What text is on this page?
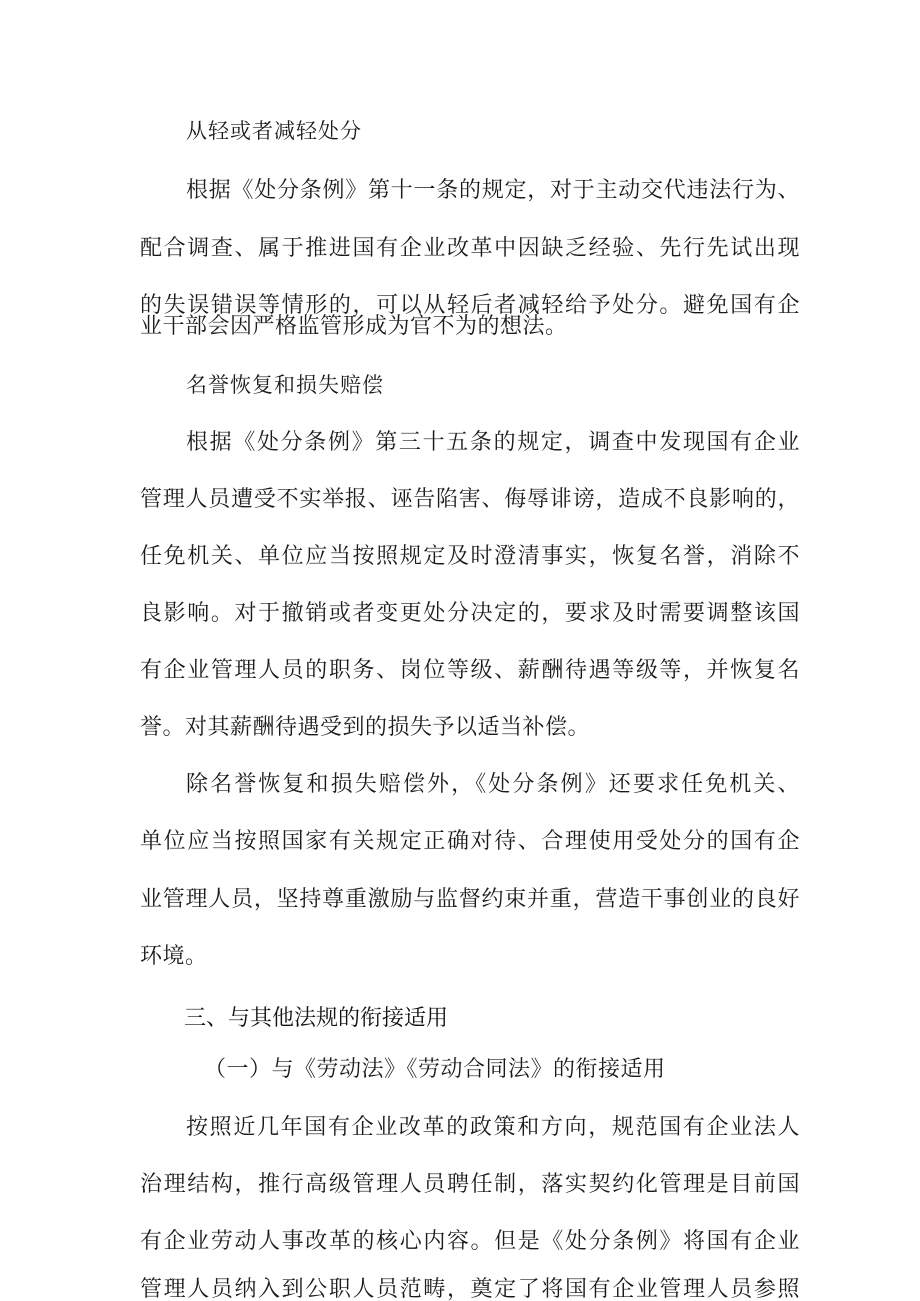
从轻或者减轻处分
根据《处分条例》第十一条的规定，对于主动交代违法行为、
配合调查、属于推进国有企业改革中因缺乏经验、先行先试出现
的失误错误等情形的，可以从轻后者减轻给予处分。避免国有企
业干部会因严格监管形成为官不为的想法。
名誉恢复和损失赔偿
根据《处分条例》第三十五条的规定，调查中发现国有企业
管理人员遭受不实举报、诬告陷害、侮辱诽谤，造成不良影响的，
任免机关、单位应当按照规定及时澄清事实，恢复名誉，消除不
良影响。对于撤销或者变更处分决定的，要求及时需要调整该国
有企业管理人员的职务、岗位等级、薪酬待遇等级等，并恢复名
誉。对其薪酬待遇受到的损失予以适当补偿。
除名誉恢复和损失赔偿外，《处分条例》还要求任免机关、
单位应当按照国家有关规定正确对待、合理使用受处分的国有企
业管理人员，坚持尊重激励与监督约束并重，营造干事创业的良好
环境。
三、与其他法规的衔接适用
（一）与《劳动法》《劳动合同法》的衔接适用
按照近几年国有企业改革的政策和方向，规范国有企业法人
治理结构，推行高级管理人员聘任制，落实契约化管理是目前国
有企业劳动人事改革的核心内容。但是《处分条例》将国有企业
管理人员纳入到公职人员范畴，奠定了将国有企业管理人员参照
